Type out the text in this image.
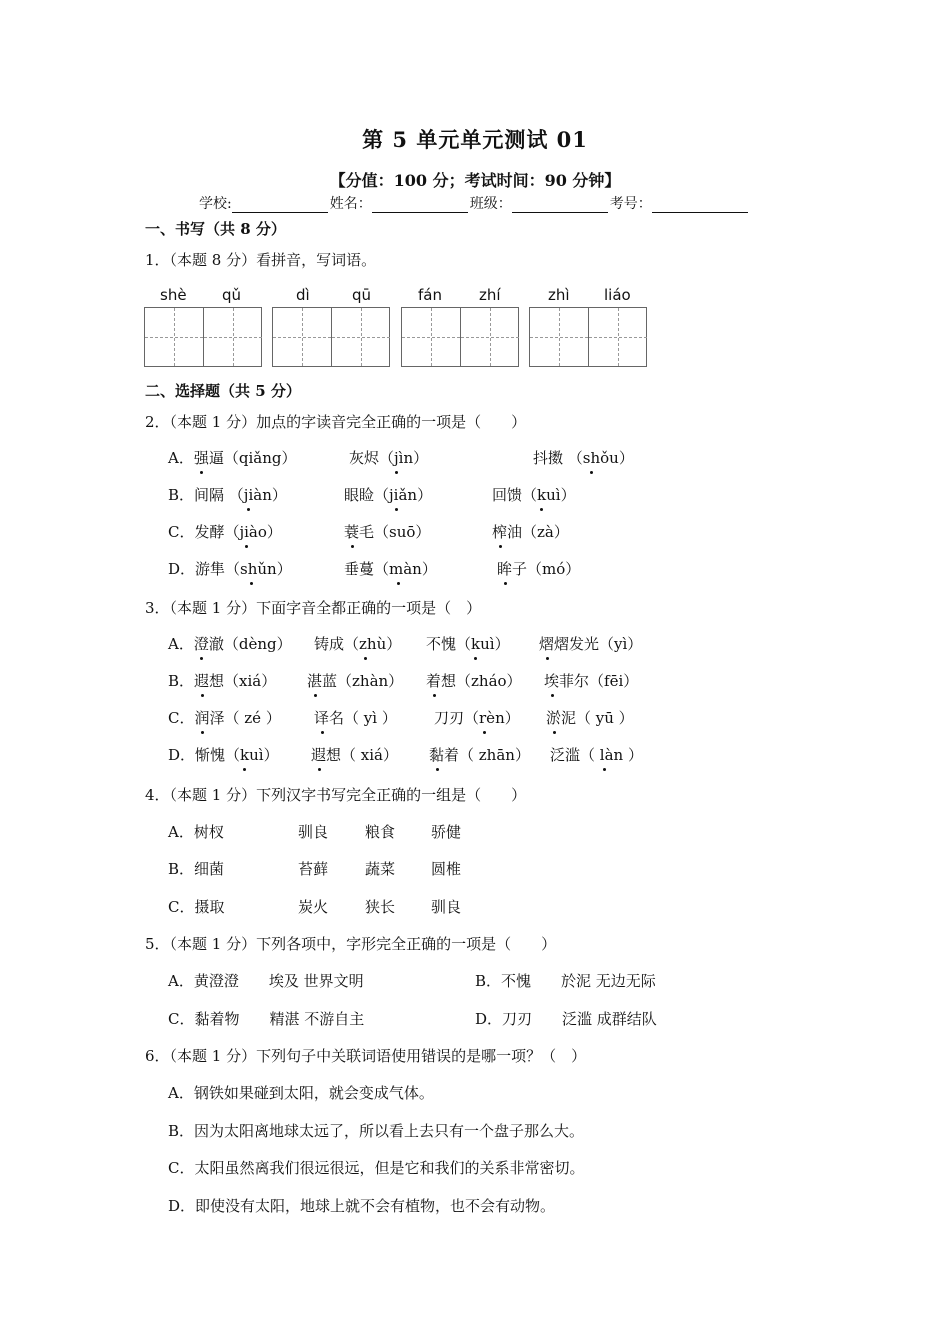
第 5 单元单元测试 01
【分值：100 分；考试时间：90 分钟】
学校:	姓名：	班级：	考号：
一、书写（共 8 分）
1．（本题 8 分）看拼音，写词语。
shè qǔ	dì	qū	fán zhí	zhì liáo
二、选择题（共 5 分）
2．（本题 1 分）加点的字读音完全正确的一项是（　　）
A．强逼（qiǎng）	灰烬（jìn）	抖擞 （shǒu）
B．间隔 （jiàn）	眼睑（jiǎn）	回馈（kuì）
C．发酵（jiào）	蓑毛（suō）	榨油（zà）
D．游隼（shǔn）	垂蔓（màn）	眸子（mó）
3．（本题 1 分）下面字音全都正确的一项是（　）
A．澄澈（dèng） 铸成（zhù） 不愧（kuì） 熠熠发光（yì）
B．遐想（xiá） 湛蓝（zhàn） 着想（zháo） 埃菲尔（fēi）
C．润泽（ zé ） 译名（ yì ） 刀刃（rèn） 淤泥（ yū ）
D．惭愧（kuì） 遐想（ xiá） 黏着（ zhān） 泛滥（ làn ）
4．（本题 1 分）下列汉字书写完全正确的一组是（　　）
A．树杈	驯良 粮食 骄健
B．细菌	苔藓 蔬菜 圆椎
C．摄取	炭火 狭长 驯良
5．（本题 1 分）下列各项中，字形完全正确的一项是（　　）
A．黄澄澄　　埃及 世界文明	B．不愧　　於泥 无边无际
C．黏着物　　精湛 不游自主	D．刀刃　　泛滥 成群结队
6．（本题 1 分）下列句子中关联词语使用错误的是哪一项？（　）
A．钢铁如果碰到太阳，就会变成气体。
B．因为太阳离地球太远了，所以看上去只有一个盘子那么大。
C．太阳虽然离我们很远很远，但是它和我们的关系非常密切。
D．即使没有太阳，地球上就不会有植物，也不会有动物。
